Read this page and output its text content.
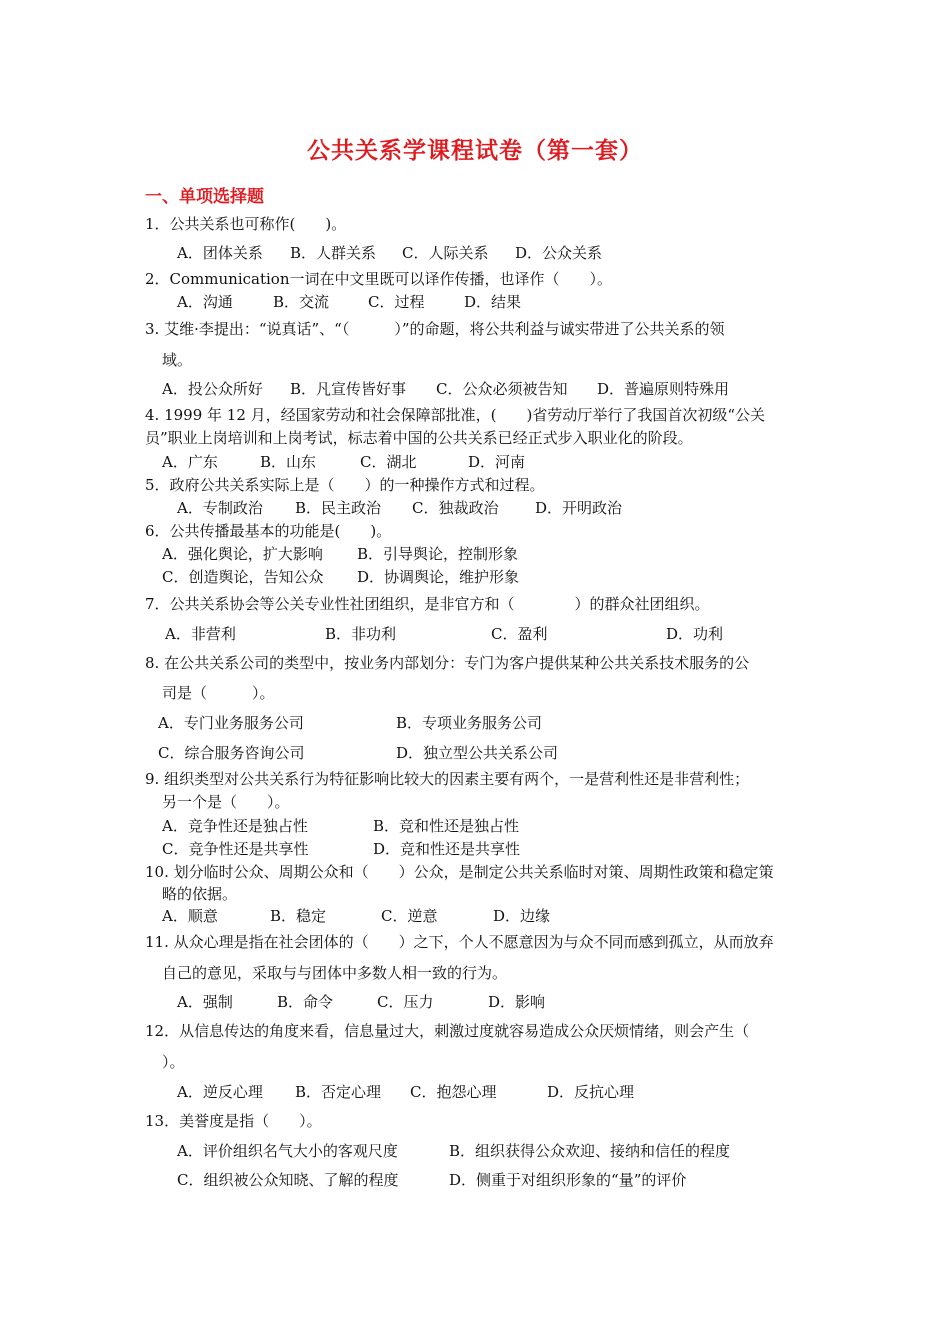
公共关系学课程试卷（第一套）
一、单项选择题
1．公共关系也可称作(　　)。
A．团体关系 B．人群关系 C．人际关系 D．公众关系
2．Communication一词在中文里既可以译作传播，也译作（　　）。
A．沟通	B．交流	C．过程	D．结果
3. 艾维·李提出：“说真话”、“（　　　）”的命题，将公共利益与诚实带进了公共关系的领
域。
A．投公众所好 B．凡宣传皆好事 C．公众必须被告知 D．普遍原则特殊用
4. 1999 年 12 月，经国家劳动和社会保障部批准，(　　)省劳动厅举行了我国首次初级“公关
员”职业上岗培训和上岗考试，标志着中国的公共关系已经正式步入职业化的阶段。
A．广东	B．山东	C．湖北	D．河南
5．政府公共关系实际上是（　　）的一种操作方式和过程。
A．专制政治 B．民主政治 C．独裁政治 D．开明政治
6．公共传播最基本的功能是(　　)。
A．强化舆论，扩大影响 B．引导舆论，控制形象
C．创造舆论，告知公众 D．协调舆论，维护形象
7．公共关系协会等公关专业性社团组织，是非官方和（　　　　）的群众社团组织。
A．非营利	B．非功利	C．盈利	D．功利
8. 在公共关系公司的类型中，按业务内部划分：专门为客户提供某种公共关系技术服务的公
司是（　　　）。
A．专门业务服务公司	B．专项业务服务公司
C．综合服务咨询公司	D．独立型公共关系公司
9. 组织类型对公共关系行为特征影响比较大的因素主要有两个，一是营利性还是非营利性；
另一个是（　　）。
A．竞争性还是独占性	B．竞和性还是独占性
C．竞争性还是共享性	D．竞和性还是共享性
10. 划分临时公众、周期公众和（　　）公众，是制定公共关系临时对策、周期性政策和稳定策
略的依据。
A．顺意	B．稳定	C．逆意	D．边缘
11. 从众心理是指在社会团体的（　　）之下，个人不愿意因为与众不同而感到孤立，从而放弃
自己的意见，采取与与团体中多数人相一致的行为。
A．强制	B．命令	C．压力	D．影响
12．从信息传达的角度来看，信息量过大，刺激过度就容易造成公众厌烦情绪，则会产生（
）。
A．逆反心理 B．否定心理 C．抱怨心理	D．反抗心理
13．美誉度是指（　　）。
A．评价组织名气大小的客观尺度	B．组织获得公众欢迎、接纳和信任的程度
C．组织被公众知晓、了解的程度	D．侧重于对组织形象的“量”的评价
